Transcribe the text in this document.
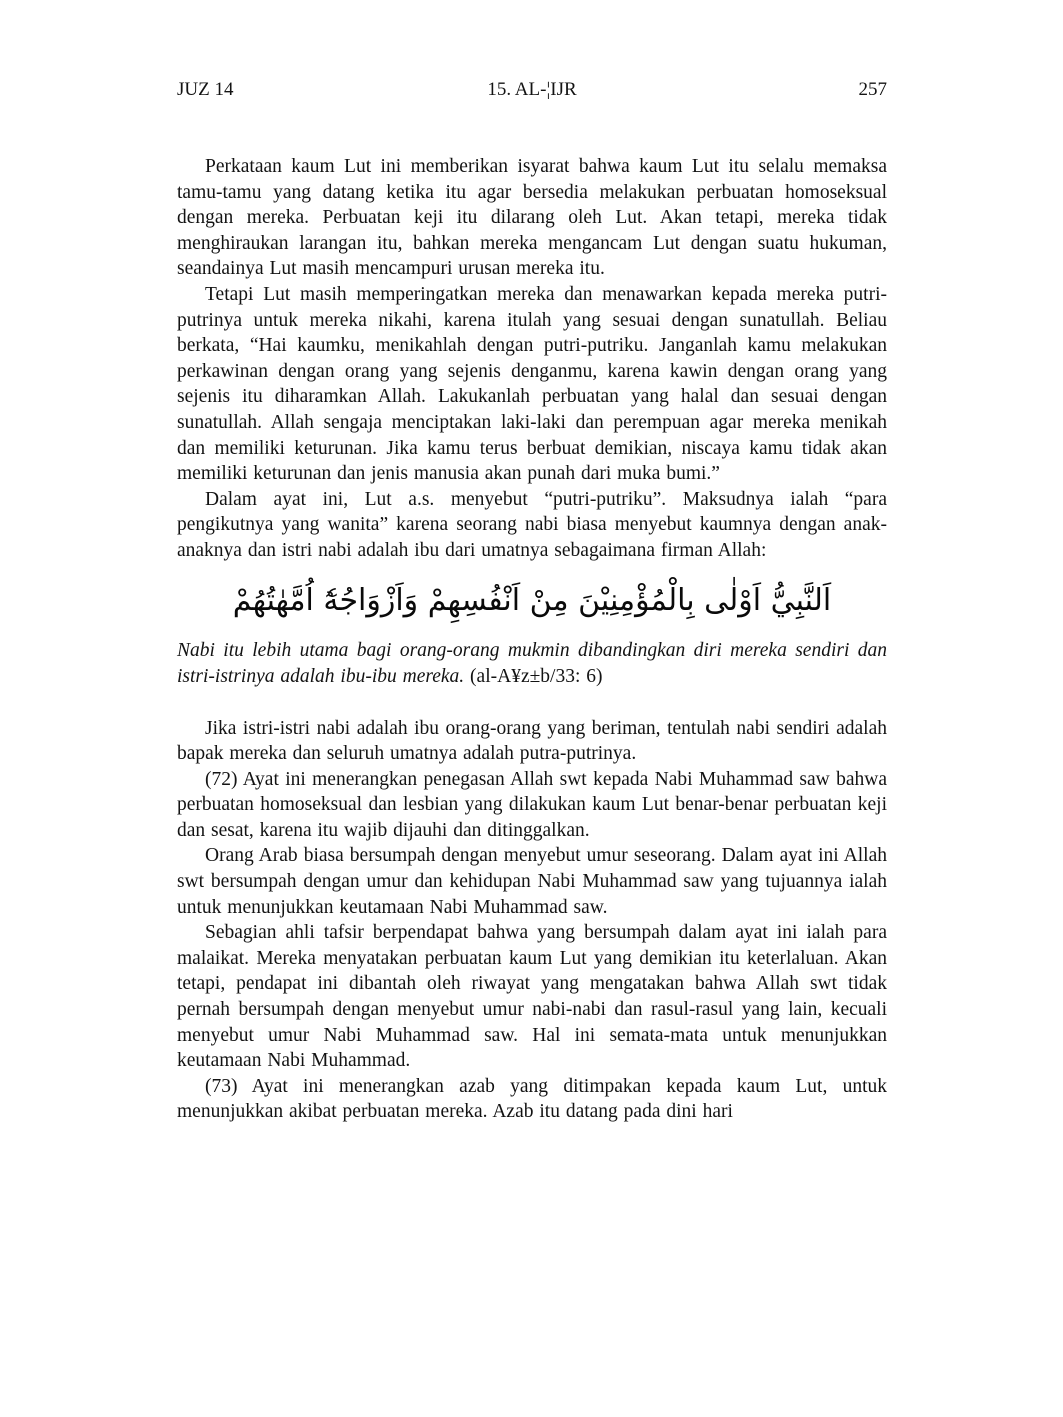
JUZ 14	15. AL-¦IJR	257

Perkataan kaum Lut ini memberikan isyarat bahwa kaum Lut itu selalu memaksa tamu-tamu yang datang ketika itu agar bersedia melakukan perbuatan homoseksual dengan mereka. Perbuatan keji itu dilarang oleh Lut. Akan tetapi, mereka tidak menghiraukan larangan itu, bahkan mereka mengancam Lut dengan suatu hukuman, seandainya Lut masih mencampuri urusan mereka itu.

Tetapi Lut masih memperingatkan mereka dan menawarkan kepada mereka putri-putrinya untuk mereka nikahi, karena itulah yang sesuai dengan sunatullah. Beliau berkata, “Hai kaumku, menikahlah dengan putri-putriku. Janganlah kamu melakukan perkawinan dengan orang yang sejenis denganmu, karena kawin dengan orang yang sejenis itu diharamkan Allah. Lakukanlah perbuatan yang halal dan sesuai dengan sunatullah. Allah sengaja menciptakan laki-laki dan perempuan agar mereka menikah dan memiliki keturunan. Jika kamu terus berbuat demikian, niscaya kamu tidak akan memiliki keturunan dan jenis manusia akan punah dari muka bumi.”

Dalam ayat ini, Lut a.s. menyebut “putri-putriku”. Maksudnya ialah “para pengikutnya yang wanita” karena seorang nabi biasa menyebut kaumnya dengan anak-anaknya dan istri nabi adalah ibu dari umatnya sebagaimana firman Allah:

اَلنَّبِيُّ اَوْلٰى بِالْمُؤْمِنِيْنَ مِنْ اَنْفُسِهِمْ وَاَزْوَاجُهٗٓ اُمَّهٰتُهُمْ

Nabi itu lebih utama bagi orang-orang mukmin dibandingkan diri mereka sendiri dan istri-istrinya adalah ibu-ibu mereka. (al-A¥z±b/33: 6)

Jika istri-istri nabi adalah ibu orang-orang yang beriman, tentulah nabi sendiri adalah bapak mereka dan seluruh umatnya adalah putra-putrinya.

(72) Ayat ini menerangkan penegasan Allah swt kepada Nabi Muhammad saw bahwa perbuatan homoseksual dan lesbian yang dilakukan kaum Lut benar-benar perbuatan keji dan sesat, karena itu wajib dijauhi dan ditinggalkan.

Orang Arab biasa bersumpah dengan menyebut umur seseorang. Dalam ayat ini Allah swt bersumpah dengan umur dan kehidupan Nabi Muhammad saw yang tujuannya ialah untuk menunjukkan keutamaan Nabi Muhammad saw.

Sebagian ahli tafsir berpendapat bahwa yang bersumpah dalam ayat ini ialah para malaikat. Mereka menyatakan perbuatan kaum Lut yang demikian itu keterlaluan. Akan tetapi, pendapat ini dibantah oleh riwayat yang mengatakan bahwa Allah swt tidak pernah bersumpah dengan menyebut umur nabi-nabi dan rasul-rasul yang lain, kecuali menyebut umur Nabi Muhammad saw. Hal ini semata-mata untuk menunjukkan keutamaan Nabi Muhammad.

(73) Ayat ini menerangkan azab yang ditimpakan kepada kaum Lut, untuk menunjukkan akibat perbuatan mereka. Azab itu datang pada dini hari
